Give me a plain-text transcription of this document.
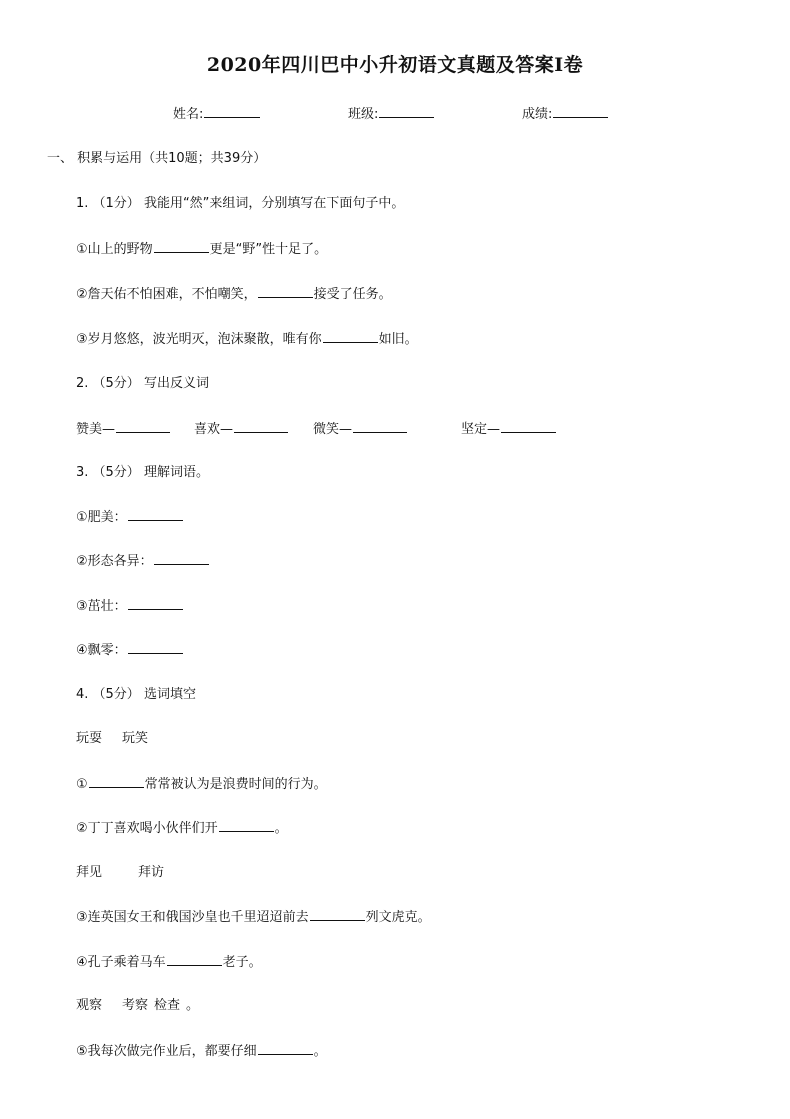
2020年四川巴中小升初语文真题及答案Ⅰ卷
姓名:	班级:	成绩:
一、 积累与运用（共10题；共39分）
1. （1分） 我能用“然”来组词，分别填写在下面句子中。
①山上的野物	更是“野”性十足了。
②詹天佑不怕困难，不怕嘲笑，	接受了任务。
③岁月悠悠，波光明灭，泡沫聚散，唯有你	如旧。
2. （5分） 写出反义词
赞美—	喜欢—	微笑—	坚定—
3. （5分） 理解词语。
①肥美：
②形态各异：
③茁壮：
④飘零：
4. （5分） 选词填空
玩耍 玩笑
①	常常被认为是浪费时间的行为。
②丁丁喜欢喝小伙伴们开	。
拜见	拜访
③连英国女王和俄国沙皇也千里迢迢前去	列文虎克。
④孔子乘着马车	老子。
观察 考察 检查 。
⑤我每次做完作业后，都要仔细	。
